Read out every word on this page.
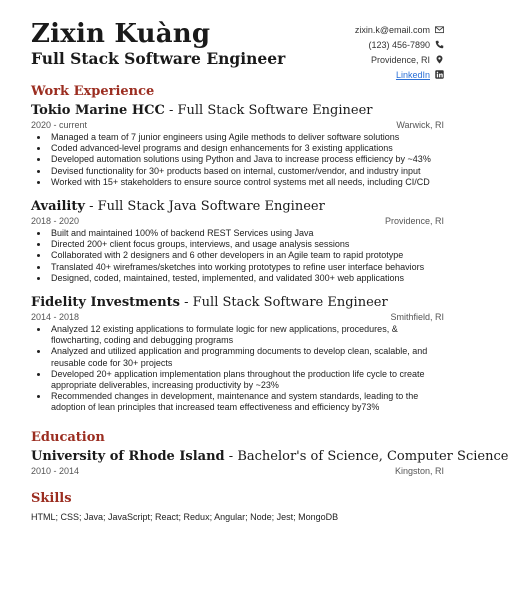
Zixin Kuàng
Full Stack Software Engineer
zixin.k@email.com
(123) 456-7890
Providence, RI
LinkedIn
Work Experience
Tokio Marine HCC - Full Stack Software Engineer
2020 - current	Warwick, RI
• Managed a team of 7 junior engineers using Agile methods to deliver software solutions
• Coded advanced-level programs and design enhancements for 3 existing applications
• Developed automation solutions using Python and Java to increase process efficiency by ~43%
• Devised functionality for 30+ products based on internal, customer/vendor, and industry input
• Worked with 15+ stakeholders to ensure source control systems met all needs, including CI/CD
Availity - Full Stack Java Software Engineer
2018 - 2020	Providence, RI
• Built and maintained 100% of backend REST Services using Java
• Directed 200+ client focus groups, interviews, and usage analysis sessions
• Collaborated with 2 designers and 6 other developers in an Agile team to rapid prototype
• Translated 40+ wireframes/sketches into working prototypes to refine user interface behaviors
• Designed, coded, maintained, tested, implemented, and validated 300+ web applications
Fidelity Investments - Full Stack Software Engineer
2014 - 2018	Smithfield, RI
• Analyzed 12 existing applications to formulate logic for new applications, procedures, & flowcharting, coding and debugging programs
• Analyzed and utilized application and programming documents to develop clean, scalable, and reusable code for 30+ projects
• Developed 20+ application implementation plans throughout the production life cycle to create appropriate deliverables, increasing productivity by ~23%
• Recommended changes in development, maintenance and system standards, leading to the adoption of lean principles that increased team effectiveness and efficiency by73%
Education
University of Rhode Island - Bachelor's of Science, Computer Science
2010 - 2014	Kingston, RI
Skills
HTML; CSS; Java; JavaScript; React; Redux; Angular; Node; Jest; MongoDB
